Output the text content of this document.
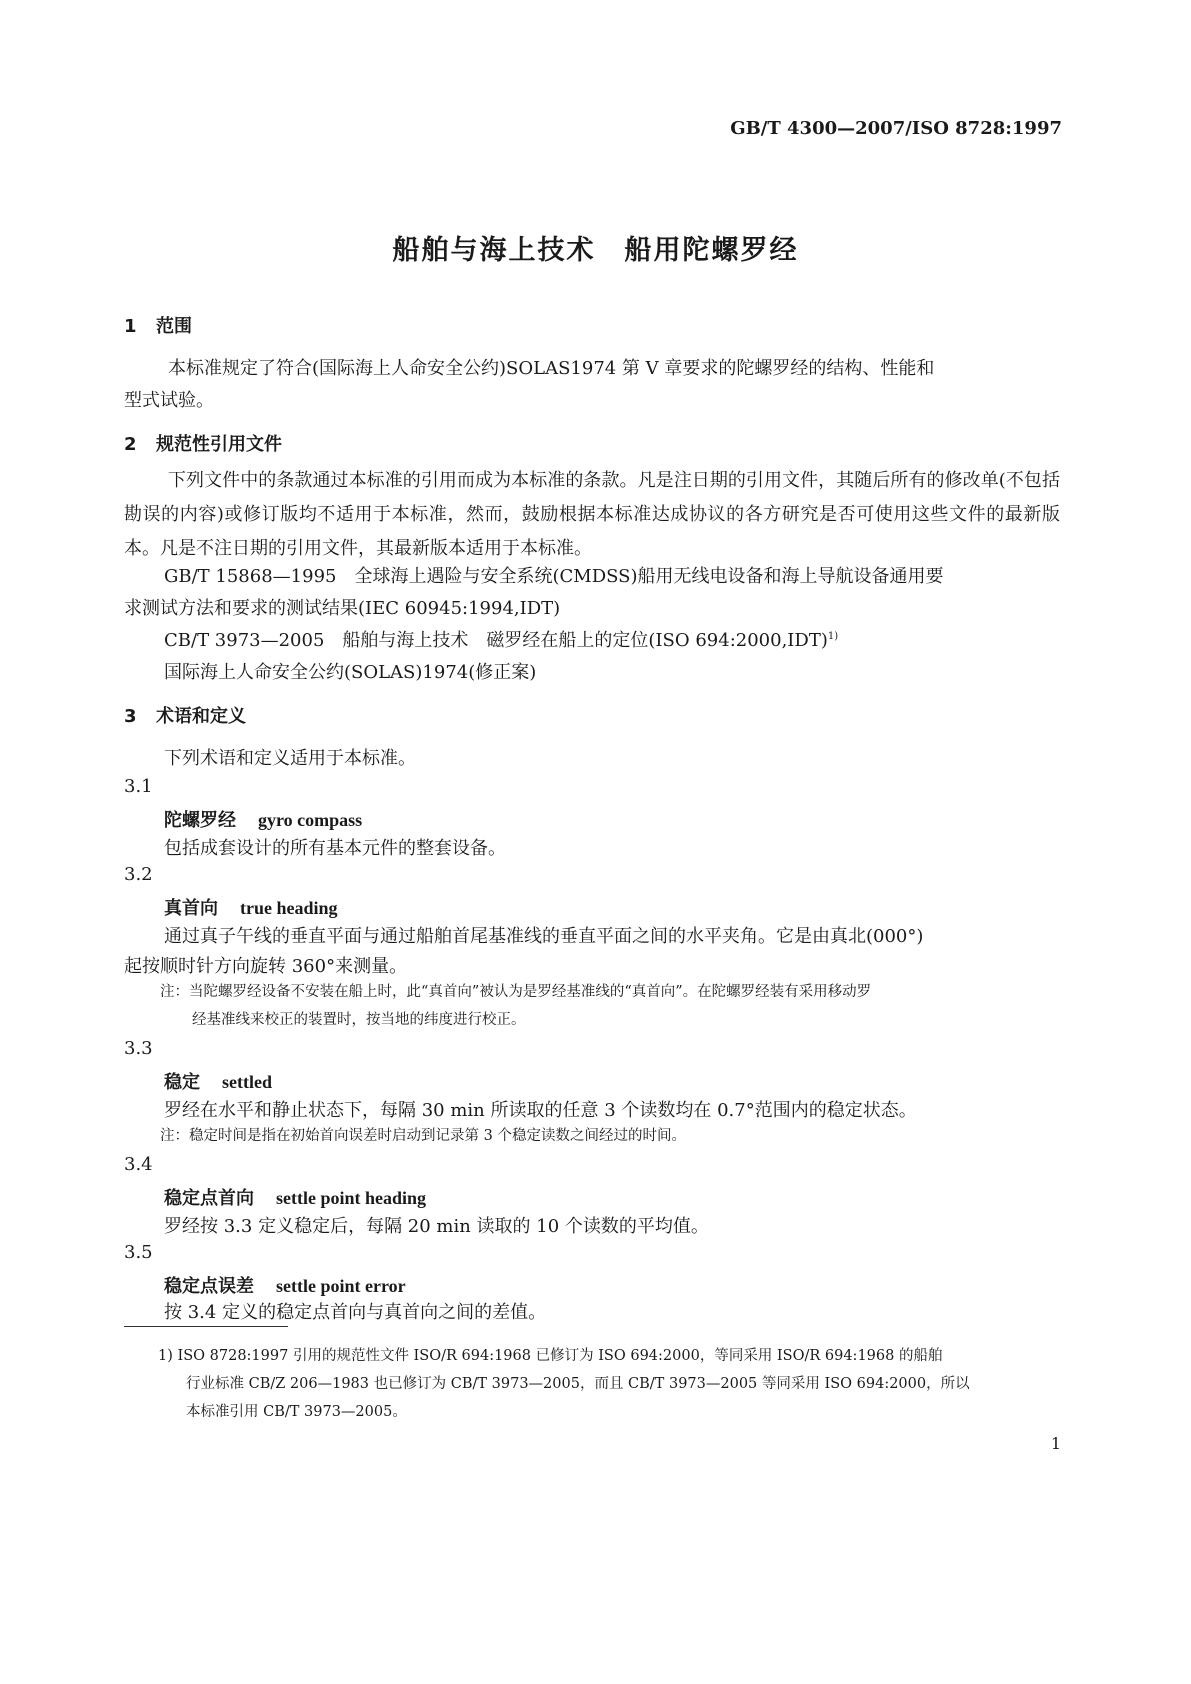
GB/T 4300—2007/ISO 8728:1997
船舶与海上技术　船用陀螺罗经
1 范围
本标准规定了符合(国际海上人命安全公约)SOLAS1974 第 V 章要求的陀螺罗经的结构、性能和
型式试验。
2 规范性引用文件
下列文件中的条款通过本标准的引用而成为本标准的条款。凡是注日期的引用文件，其随后所有的修改单(不包括勘误的内容)或修订版均不适用于本标准，然而，鼓励根据本标准达成协议的各方研究是否可使用这些文件的最新版本。凡是不注日期的引用文件，其最新版本适用于本标准。
GB/T 15868—1995　全球海上遇险与安全系统(CMDSS)船用无线电设备和海上导航设备通用要
求测试方法和要求的测试结果(IEC 60945:1994,IDT)
CB/T 3973—2005　船舶与海上技术　磁罗经在船上的定位(ISO 694:2000,IDT)$^{1)}$
国际海上人命安全公约(SOLAS)1974(修正案)
3 术语和定义
下列术语和定义适用于本标准。
3.1
陀螺罗经 gyro compass
包括成套设计的所有基本元件的整套设备。
3.2
真首向 true heading
通过真子午线的垂直平面与通过船舶首尾基准线的垂直平面之间的水平夹角。它是由真北(000°)
起按顺时针方向旋转 360°来测量。
注：当陀螺罗经设备不安装在船上时，此“真首向”被认为是罗经基准线的“真首向”。在陀螺罗经装有采用移动罗
经基准线来校正的装置时，按当地的纬度进行校正。
3.3
稳定 settled
罗经在水平和静止状态下，每隔 30 min 所读取的任意 3 个读数均在 0.7°范围内的稳定状态。
注：稳定时间是指在初始首向误差时启动到记录第 3 个稳定读数之间经过的时间。
3.4
稳定点首向 settle point heading
罗经按 3.3 定义稳定后，每隔 20 min 读取的 10 个读数的平均值。
3.5
稳定点误差 settle point error
按 3.4 定义的稳定点首向与真首向之间的差值。
1) ISO 8728:1997 引用的规范性文件 ISO/R 694:1968 已修订为 ISO 694:2000，等同采用 ISO/R 694:1968 的船舶
行业标准 CB/Z 206—1983 也已修订为 CB/T 3973—2005，而且 CB/T 3973—2005 等同采用 ISO 694:2000，所以
本标准引用 CB/T 3973—2005。
1
